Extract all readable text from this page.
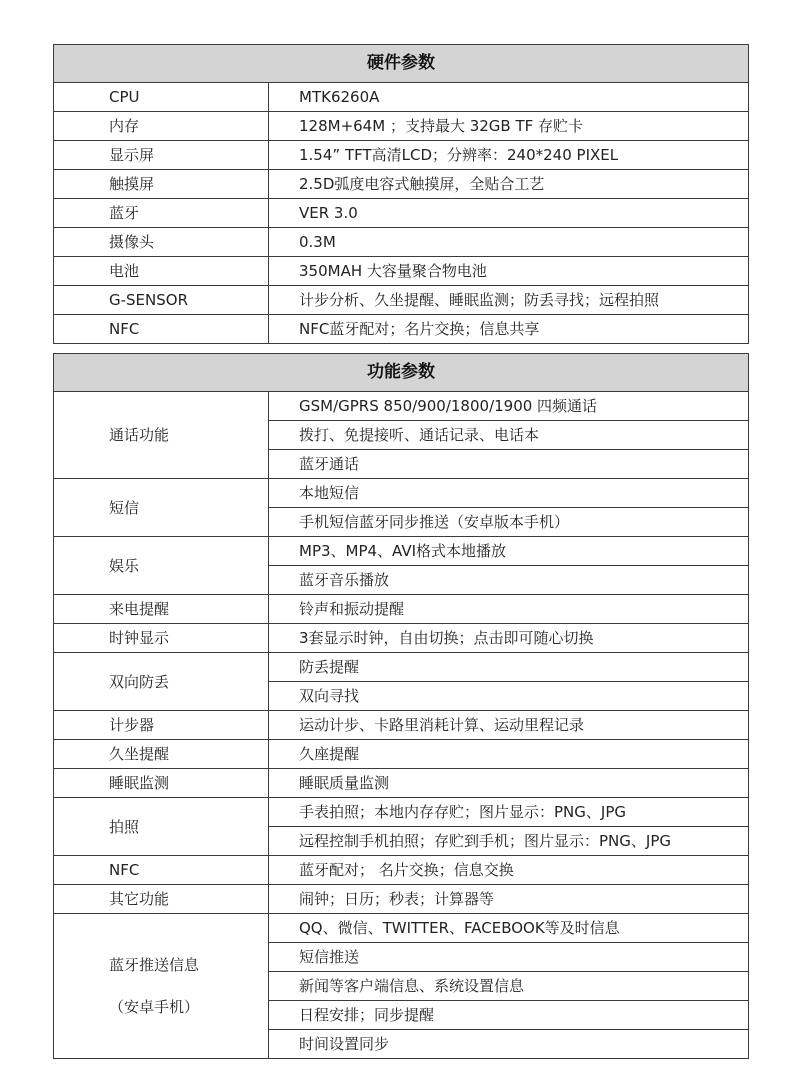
硬件参数	
CPU	MTK6260A
内存	128M+64M ；支持最大 32GB TF 存贮卡
显示屏	1.54” TFT高清LCD；分辨率：240*240 PIXEL
触摸屏	2.5D弧度电容式触摸屏，全贴合工艺
蓝牙	VER 3.0
摄像头	0.3M
电池	350MAH 大容量聚合物电池
G-SENSOR	计步分析、久坐提醒、睡眠监测；防丢寻找；远程拍照
NFC	NFC蓝牙配对；名片交换；信息共享
功能参数	

通话功能	GSM/GPRS 850/900/1800/1900 四频通话
	拨打、免提接听、通话记录、电话本
	蓝牙通话

短信	本地短信
	手机短信蓝牙同步推送（安卓版本手机）

娱乐	MP3、MP4、AVI格式本地播放
	蓝牙音乐播放

来电提醒	铃声和振动提醒

时钟显示	3套显示时钟，自由切换；点击即可随心切换

双向防丢	防丢提醒
	双向寻找

计步器	运动计步、卡路里消耗计算、运动里程记录

久坐提醒	久座提醒

睡眠监测	睡眠质量监测

拍照	手表拍照；本地内存存贮；图片显示：PNG、JPG
	远程控制手机拍照；存贮到手机；图片显示：PNG、JPG

NFC	蓝牙配对； 名片交换；信息交换

其它功能	闹钟；日历；秒表；计算器等

蓝牙推送信息
（安卓手机）	QQ、微信、TWITTER、FACEBOOK等及时信息
	短信推送
	新闻等客户端信息、系统设置信息
	日程安排；同步提醒
	时间设置同步
